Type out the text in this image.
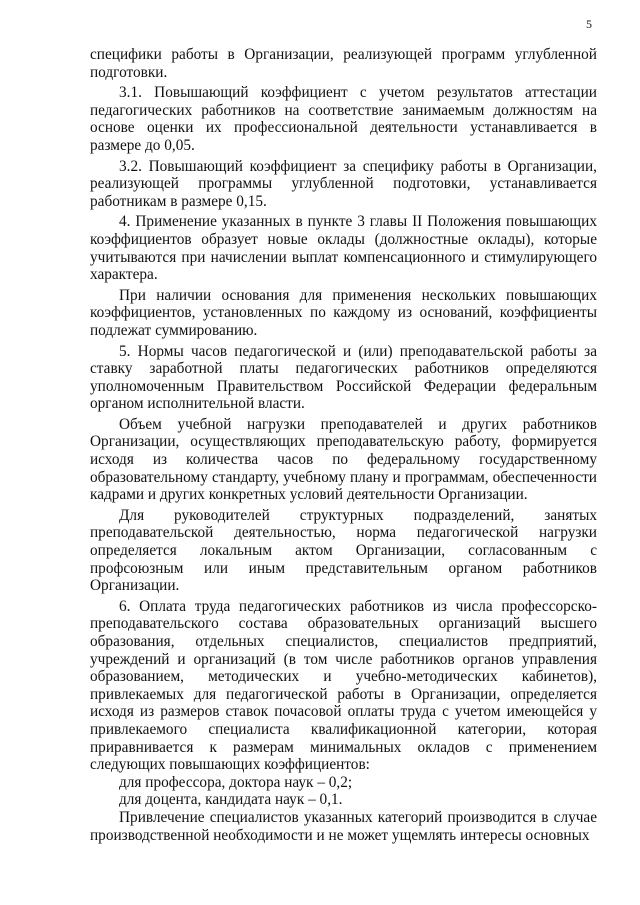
5

специфики работы в Организации, реализующей программ углубленной подготовки.

3.1. Повышающий коэффициент с учетом результатов аттестации педагогических работников на соответствие занимаемым должностям на основе оценки их профессиональной деятельности устанавливается в размере до 0,05.

3.2. Повышающий коэффициент за специфику работы в Организации, реализующей программы углубленной подготовки, устанавливается работникам в размере 0,15.

4. Применение указанных в пункте 3 главы II Положения повышающих коэффициентов образует новые оклады (должностные оклады), которые учитываются при начислении выплат компенсационного и стимулирующего характера.

При наличии основания для применения нескольких повышающих коэффициентов, установленных по каждому из оснований, коэффициенты подлежат суммированию.

5. Нормы часов педагогической и (или) преподавательской работы за ставку заработной платы педагогических работников определяются уполномоченным Правительством Российской Федерации федеральным органом исполнительной власти.

Объем учебной нагрузки преподавателей и других работников Организации, осуществляющих преподавательскую работу, формируется исходя из количества часов по федеральному государственному образовательному стандарту, учебному плану и программам, обеспеченности кадрами и других конкретных условий деятельности Организации.

Для руководителей структурных подразделений, занятых преподавательской деятельностью, норма педагогической нагрузки определяется локальным актом Организации, согласованным с профсоюзным или иным представительным органом работников Организации.

6. Оплата труда педагогических работников из числа профессорско-преподавательского состава образовательных организаций высшего образования, отдельных специалистов, специалистов предприятий, учреждений и организаций (в том числе работников органов управления образованием, методических и учебно-методических кабинетов), привлекаемых для педагогической работы в Организации, определяется исходя из размеров ставок почасовой оплаты труда с учетом имеющейся у привлекаемого специалиста квалификационной категории, которая приравнивается к размерам минимальных окладов с применением следующих повышающих коэффициентов:

для профессора, доктора наук – 0,2;

для доцента, кандидата наук – 0,1.

Привлечение специалистов указанных категорий производится в случае производственной необходимости и не может ущемлять интересы основных
